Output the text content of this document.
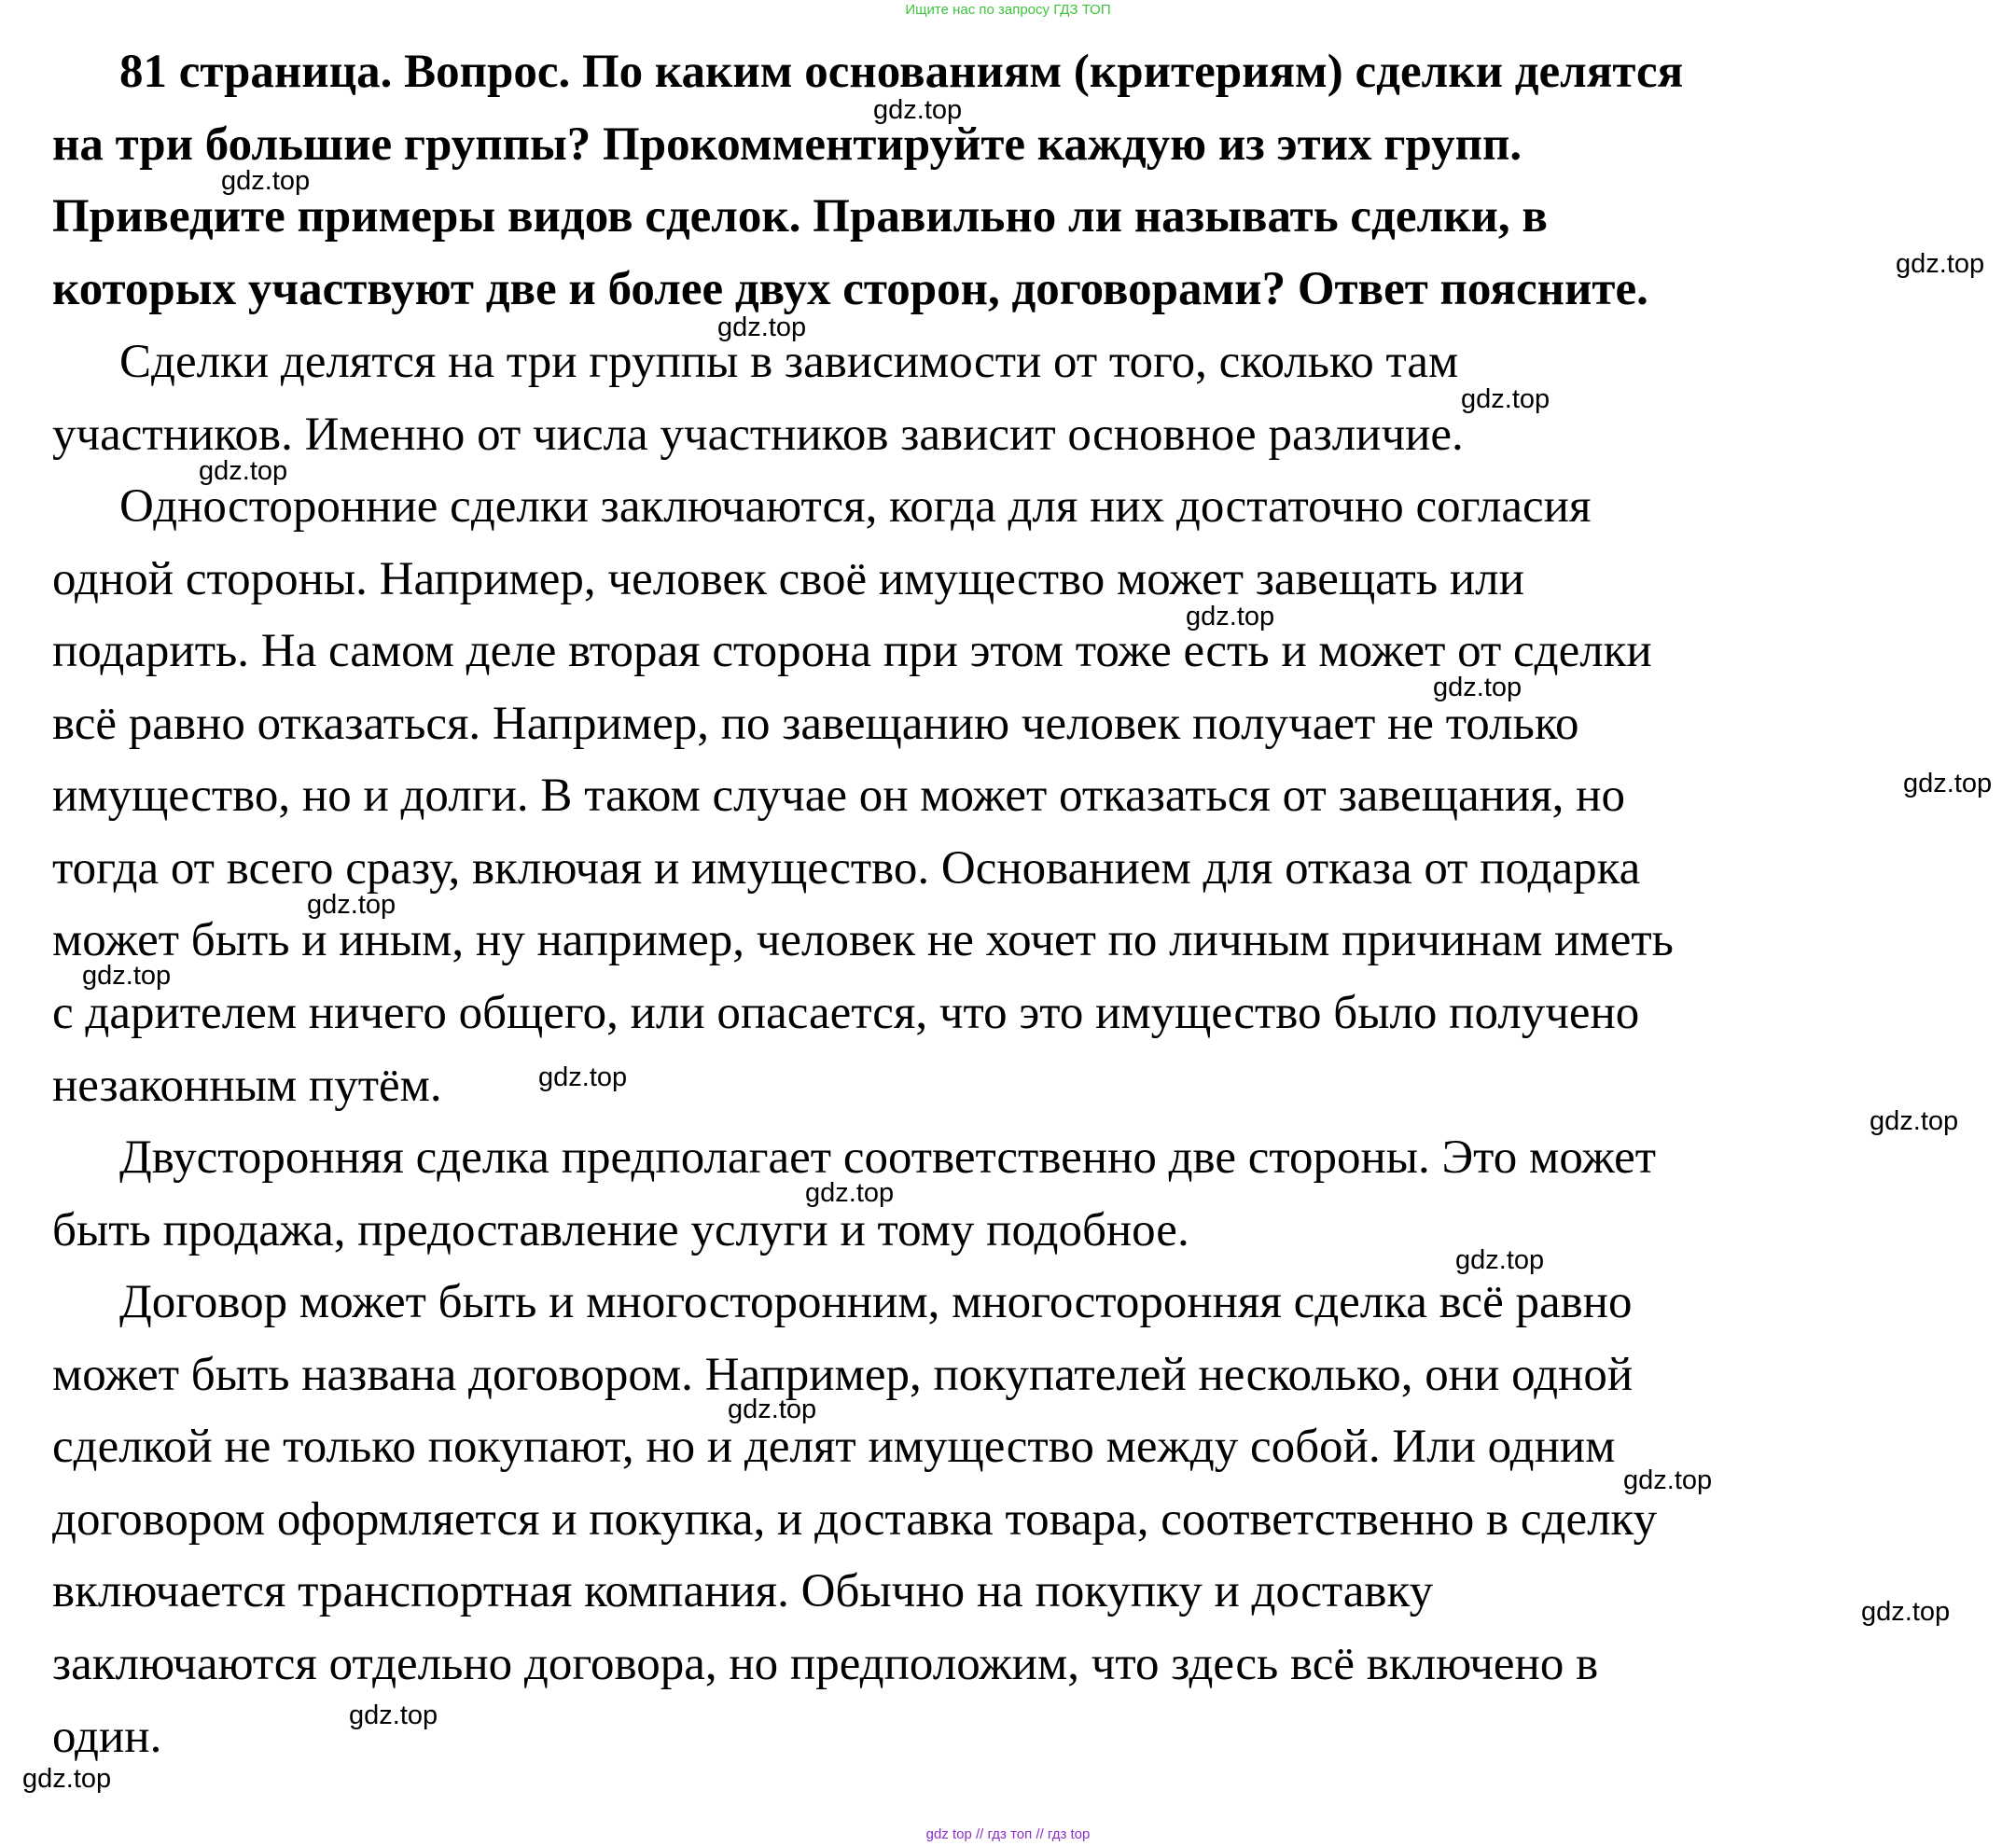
Ищите нас по запросу ГДЗ ТОП
81 страница. Вопрос. По каким основаниям (критериям) сделки делятся
на три большие группы? Прокомментируйте каждую из этих групп.
Приведите примеры видов сделок. Правильно ли называть сделки, в
которых участвуют две и более двух сторон, договорами? Ответ поясните.
Сделки делятся на три группы в зависимости от того, сколько там
участников. Именно от числа участников зависит основное различие.
Односторонние сделки заключаются, когда для них достаточно согласия
одной стороны. Например, человек своё имущество может завещать или
подарить. На самом деле вторая сторона при этом тоже есть и может от сделки
всё равно отказаться. Например, по завещанию человек получает не только
имущество, но и долги. В таком случае он может отказаться от завещания, но
тогда от всего сразу, включая и имущество. Основанием для отказа от подарка
может быть и иным, ну например, человек не хочет по личным причинам иметь
с дарителем ничего общего, или опасается, что это имущество было получено
незаконным путём.
Двусторонняя сделка предполагает соответственно две стороны. Это может
быть продажа, предоставление услуги и тому подобное.
Договор может быть и многосторонним, многосторонняя сделка всё равно
может быть названа договором. Например, покупателей несколько, они одной
сделкой не только покупают, но и делят имущество между собой. Или одним
договором оформляется и покупка, и доставка товара, соответственно в сделку
включается транспортная компания. Обычно на покупку и доставку
заключаются отдельно договора, но предположим, что здесь всё включено в
один.
gdz.top
gdz.top
gdz.top
gdz.top
gdz.top
gdz.top
gdz.top
gdz.top
gdz.top
gdz.top
gdz.top
gdz.top
gdz.top
gdz.top
gdz.top
gdz.top
gdz.top
gdz.top
gdz.top
gdz.top
gdz top // гдз топ // гдз top
